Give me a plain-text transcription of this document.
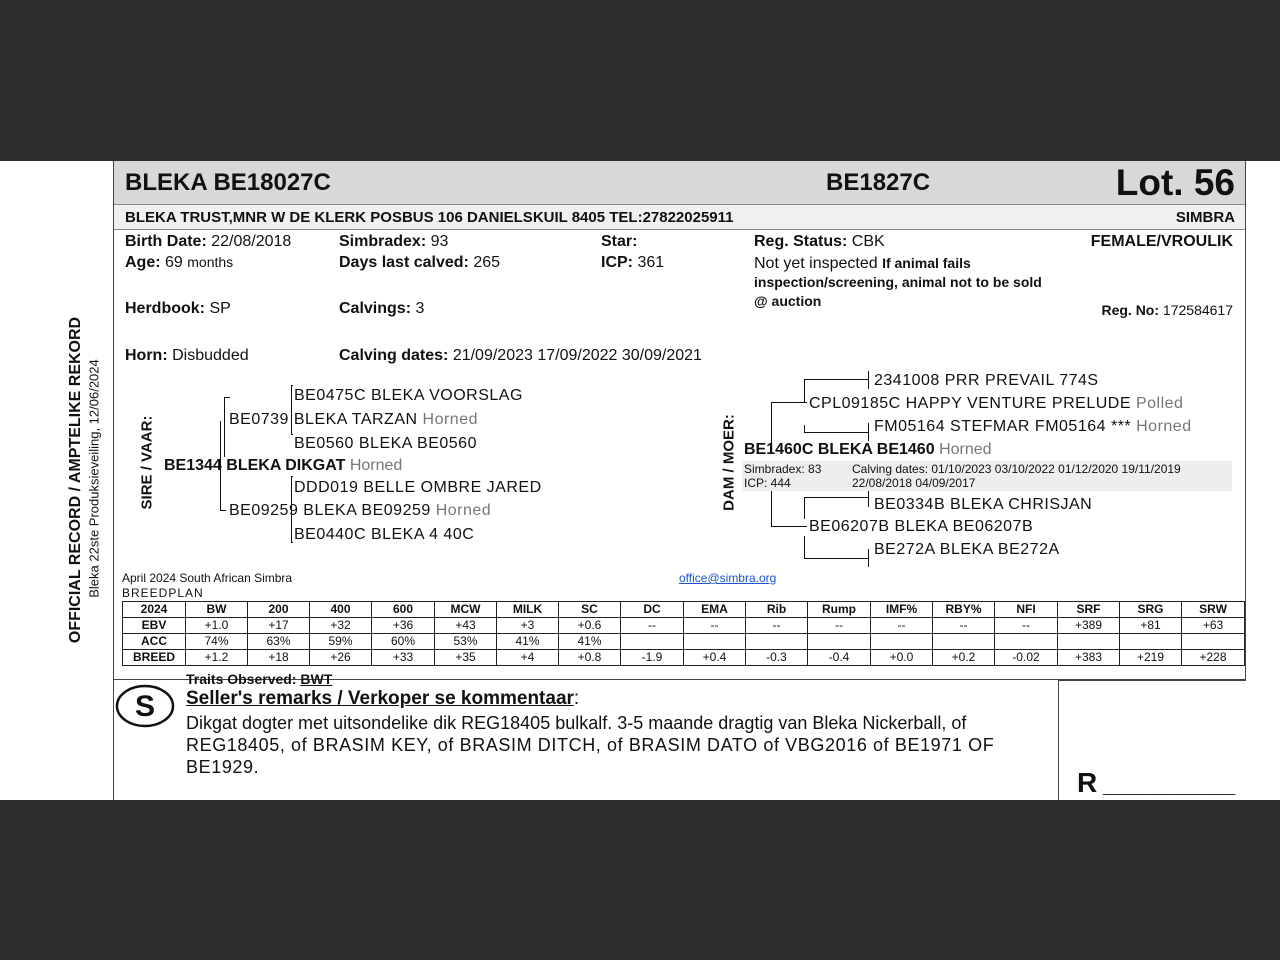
OFFICIAL RECORD / AMPTELIKE REKORD Bleka 22ste Produksieveiling, 12/06/2024
BLEKA BE18027C	BE1827C	Lot. 56
BLEKA TRUST,MNR W DE KLERK POSBUS 106 DANIELSKUIL 8405 TEL:27822025911	SIMBRA
Birth Date: 22/08/2018
Age: 69 months
Simbradex: 93
Days last calved: 265
Star:
ICP: 361
Reg. Status: CBK
Not yet inspected If animal fails inspection/screening, animal not to be sold @ auction
FEMALE/VROULIK
Herdbook: SP	Calvings: 3	Reg. No: 172584617
Horn: Disbudded	Calving dates: 21/09/2023 17/09/2022 30/09/2021
SIRE / VAAR:
BE0475C BLEKA VOORSLAG
BE0739 BLEKA TARZAN Horned
BE0560 BLEKA BE0560
BE1344 BLEKA DIKGAT Horned
DDD019 BELLE OMBRE JARED
BE09259 BLEKA BE09259 Horned
BE0440C BLEKA 4 40C
DAM / MOER:
2341008 PRR PREVAIL 774S
CPL09185C HAPPY VENTURE PRELUDE Polled
FM05164 STEFMAR FM05164 *** Horned
BE1460C BLEKA BE1460 Horned
Simbradex: 83
ICP: 444
Calving dates: 01/10/2023 03/10/2022 01/12/2020 19/11/2019
22/08/2018 04/09/2017
BE0334B BLEKA CHRISJAN
BE06207B BLEKA BE06207B
BE272A BLEKA BE272A
April 2024 South African Simbra
BREEDPLAN
office@simbra.org
2024	BW	200	400	600	MCW	MILK	SC	DC	EMA	Rib	Rump	IMF%	RBY%	NFI	SRF	SRG	SRW
EBV	+1.0	+17	+32	+36	+43	+3	+0.6	--	--	--	--	--	--	--	+389	+81	+63
ACC	74%	63%	59%	60%	53%	41%	41%										
BREED	+1.2	+18	+26	+33	+35	+4	+0.8	-1.9	+0.4	-0.3	-0.4	+0.0	+0.2	-0.02	+383	+219	+228
S
Traits Observed: BWT
Seller's remarks / Verkoper se kommentaar:
Dikgat dogter met uitsondelike dik REG18405 bulkalf. 3-5 maande dragtig van Bleka Nickerball, of
REG18405, of BRASIM KEY, of BRASIM DITCH, of BRASIM DATO of VBG2016 of BE1971 OF
BE1929.	R _________________
